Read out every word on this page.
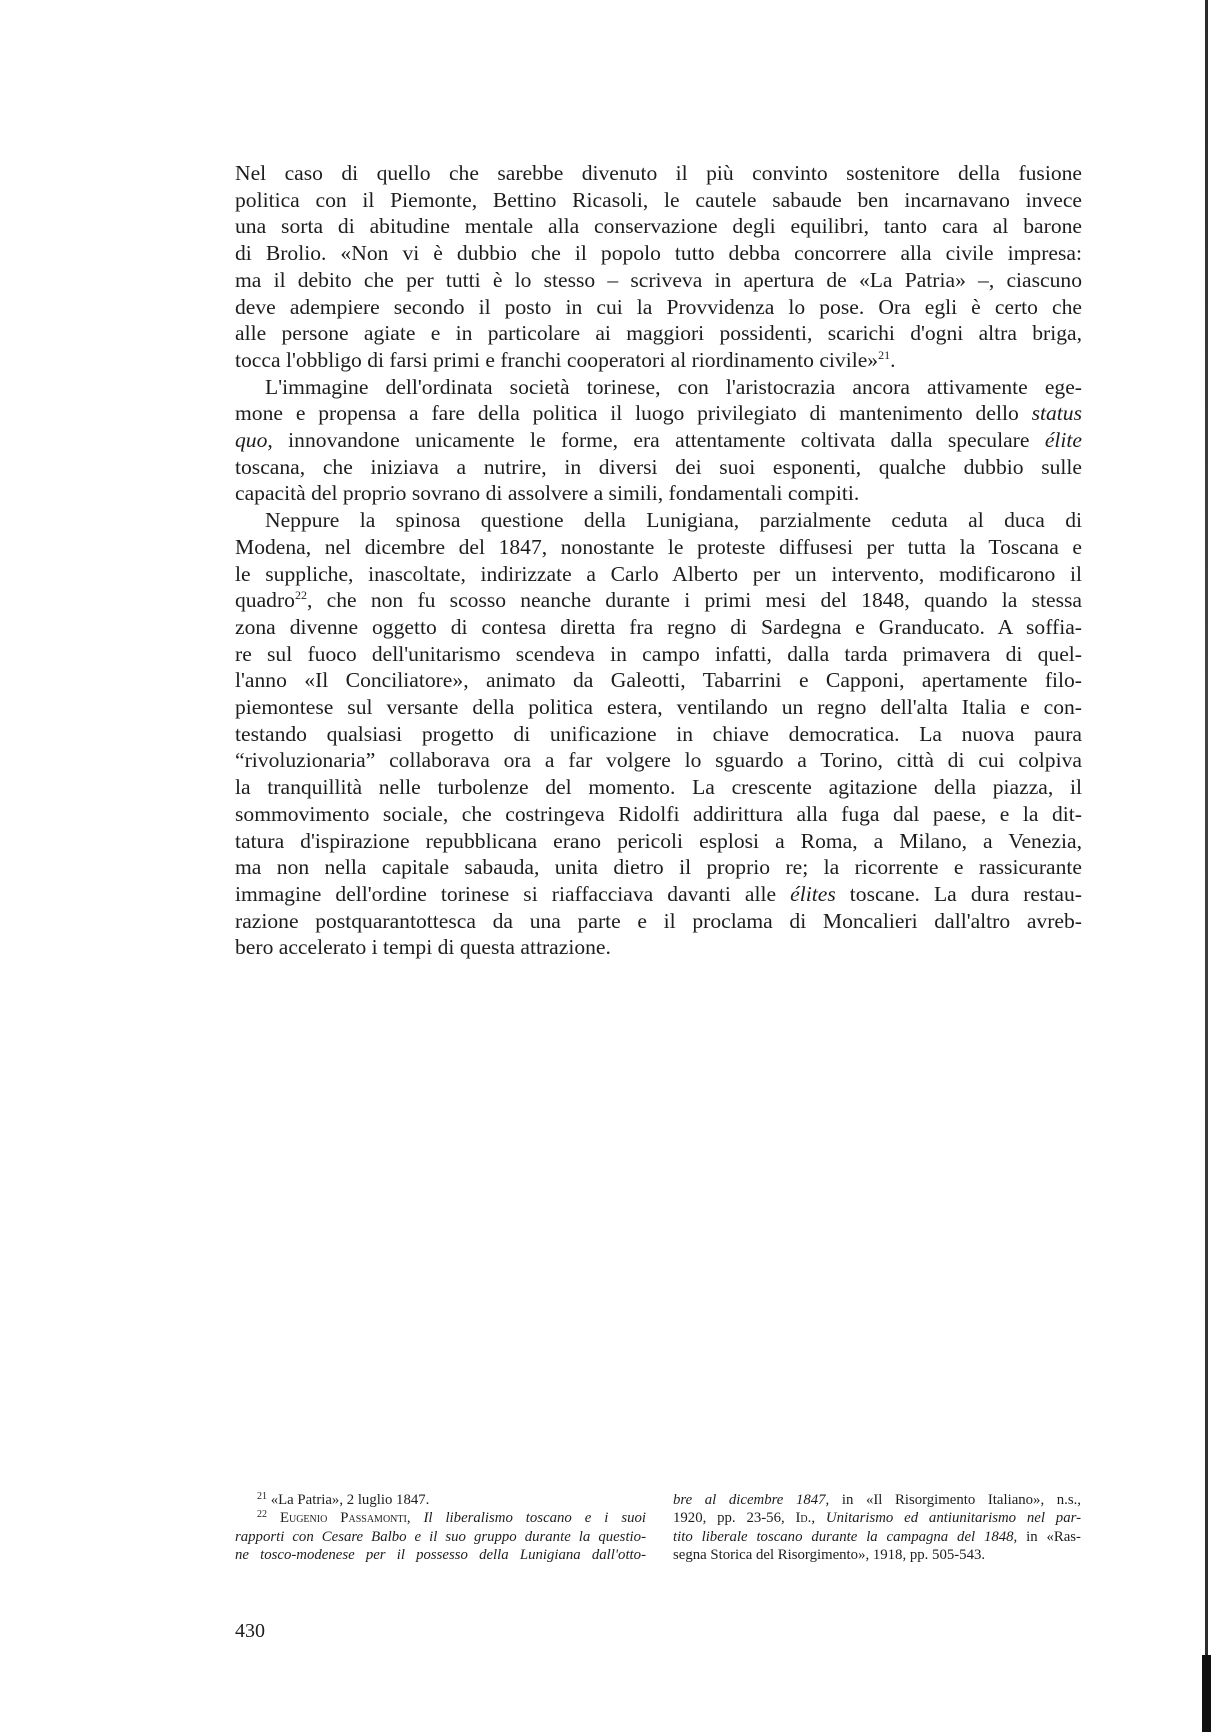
Nel caso di quello che sarebbe divenuto il più convinto sostenitore della fusione
politica con il Piemonte, Bettino Ricasoli, le cautele sabaude ben incarnavano invece
una sorta di abitudine mentale alla conservazione degli equilibri, tanto cara al barone
di Brolio. «Non vi è dubbio che il popolo tutto debba concorrere alla civile impresa:
ma il debito che per tutti è lo stesso – scriveva in apertura de «La Patria» –, ciascuno
deve adempiere secondo il posto in cui la Provvidenza lo pose. Ora egli è certo che
alle persone agiate e in particolare ai maggiori possidenti, scarichi d'ogni altra briga,
tocca l'obbligo di farsi primi e franchi cooperatori al riordinamento civile»$^{21}$.
L'immagine dell'ordinata società torinese, con l'aristocrazia ancora attivamente ege-
mone e propensa a fare della politica il luogo privilegiato di mantenimento dello status
quo, innovandone unicamente le forme, era attentamente coltivata dalla speculare élite
toscana, che iniziava a nutrire, in diversi dei suoi esponenti, qualche dubbio sulle
capacità del proprio sovrano di assolvere a simili, fondamentali compiti.
Neppure la spinosa questione della Lunigiana, parzialmente ceduta al duca di
Modena, nel dicembre del 1847, nonostante le proteste diffusesi per tutta la Toscana e
le suppliche, inascoltate, indirizzate a Carlo Alberto per un intervento, modificarono il
quadro$^{22}$, che non fu scosso neanche durante i primi mesi del 1848, quando la stessa
zona divenne oggetto di contesa diretta fra regno di Sardegna e Granducato. A soffia-
re sul fuoco dell'unitarismo scendeva in campo infatti, dalla tarda primavera di quel-
l'anno «Il Conciliatore», animato da Galeotti, Tabarrini e Capponi, apertamente filo-
piemontese sul versante della politica estera, ventilando un regno dell'alta Italia e con-
testando qualsiasi progetto di unificazione in chiave democratica. La nuova paura
“rivoluzionaria” collaborava ora a far volgere lo sguardo a Torino, città di cui colpiva
la tranquillità nelle turbolenze del momento. La crescente agitazione della piazza, il
sommovimento sociale, che costringeva Ridolfi addirittura alla fuga dal paese, e la dit-
tatura d'ispirazione repubblicana erano pericoli esplosi a Roma, a Milano, a Venezia,
ma non nella capitale sabauda, unita dietro il proprio re; la ricorrente e rassicurante
immagine dell'ordine torinese si riaffacciava davanti alle élites toscane. La dura restau-
razione postquarantottesca da una parte e il proclama di Moncalieri dall'altro avreb-
bero accelerato i tempi di questa attrazione.
$^{21}$ «La Patria», 2 luglio 1847.
$^{22}$ Eugenio Passamonti, Il liberalismo toscano e i suoi
rapporti con Cesare Balbo e il suo gruppo durante la questio-
ne tosco-modenese per il possesso della Lunigiana dall'otto-
bre al dicembre 1847, in «Il Risorgimento Italiano», n.s.,
1920, pp. 23-56, Id., Unitarismo ed antiunitarismo nel par-
tito liberale toscano durante la campagna del 1848, in «Ras-
segna Storica del Risorgimento», 1918, pp. 505-543.
430
